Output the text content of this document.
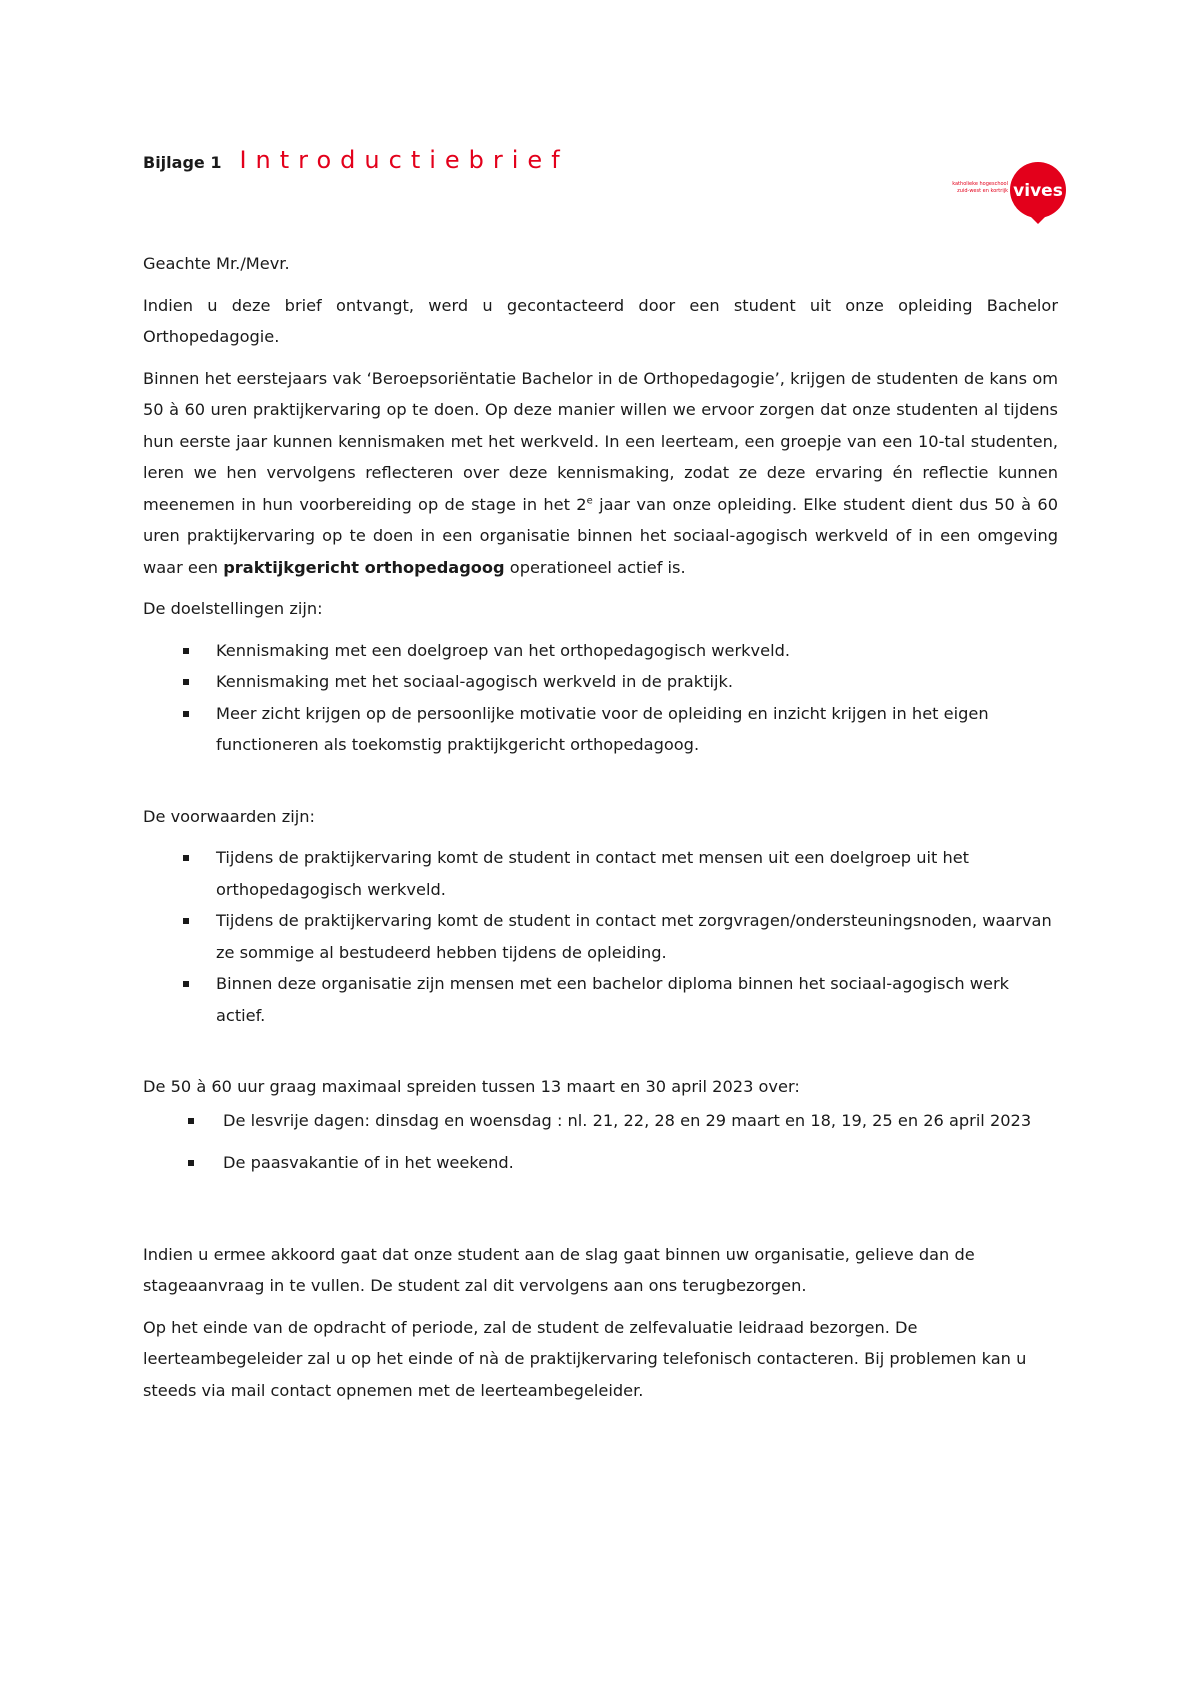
Bijlage 1 Introductiebrief
vives
katholieke hogeschool
zuid-west en kortrijk

Geachte Mr./Mevr.

Indien u deze brief ontvangt, werd u gecontacteerd door een student uit onze opleiding Bachelor Orthopedagogie.

Binnen het eerstejaars vak ‘Beroepsoriëntatie Bachelor in de Orthopedagogie’, krijgen de studenten de kans om 50 à 60 uren praktijkervaring op te doen. Op deze manier willen we ervoor zorgen dat onze studenten al tijdens hun eerste jaar kunnen kennismaken met het werkveld. In een leerteam, een groepje van een 10-tal studenten, leren we hen vervolgens reflecteren over deze kennismaking, zodat ze deze ervaring én reflectie kunnen meenemen in hun voorbereiding op de stage in het 2e jaar van onze opleiding. Elke student dient dus 50 à 60 uren praktijkervaring op te doen in een organisatie binnen het sociaal-agogisch werkveld of in een omgeving waar een praktijkgericht orthopedagoog operationeel actief is.

De doelstellingen zijn:

Kennismaking met een doelgroep van het orthopedagogisch werkveld.
Kennismaking met het sociaal-agogisch werkveld in de praktijk.
Meer zicht krijgen op de persoonlijke motivatie voor de opleiding en inzicht krijgen in het eigen functioneren als toekomstig praktijkgericht orthopedagoog.

De voorwaarden zijn:

Tijdens de praktijkervaring komt de student in contact met mensen uit een doelgroep uit het orthopedagogisch werkveld.
Tijdens de praktijkervaring komt de student in contact met zorgvragen/ondersteuningsnoden, waarvan ze sommige al bestudeerd hebben tijdens de opleiding.
Binnen deze organisatie zijn mensen met een bachelor diploma binnen het sociaal-agogisch werk actief.

De 50 à 60 uur graag maximaal spreiden tussen 13 maart en 30 april 2023 over:

De lesvrije dagen: dinsdag en woensdag : nl. 21, 22, 28 en 29 maart en 18, 19, 25 en 26 april 2023
De paasvakantie of in het weekend.

Indien u ermee akkoord gaat dat onze student aan de slag gaat binnen uw organisatie, gelieve dan de stageaanvraag in te vullen. De student zal dit vervolgens aan ons terugbezorgen.

Op het einde van de opdracht of periode, zal de student de zelfevaluatie leidraad bezorgen. De leerteambegeleider zal u op het einde of nà de praktijkervaring telefonisch contacteren. Bij problemen kan u steeds via mail contact opnemen met de leerteambegeleider.
